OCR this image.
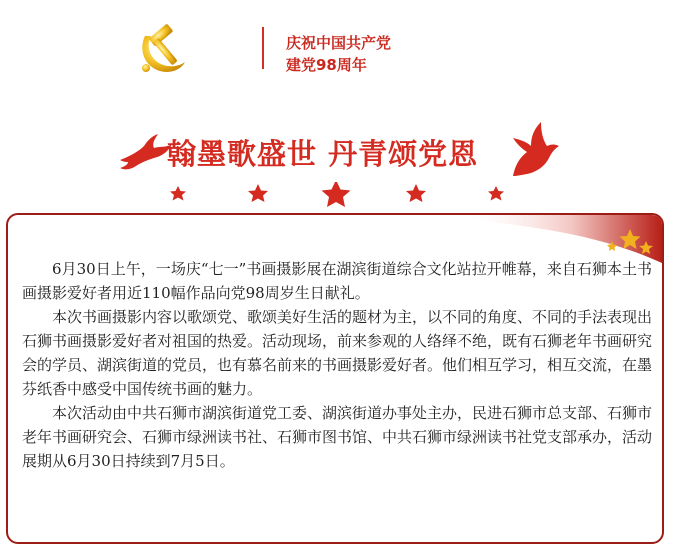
庆祝中国共产党
建党98周年
翰墨歌盛世 丹青颂党恩

6月30日上午，一场庆“七一”书画摄影展在湖滨街道综合文化站拉开帷幕，来自石狮本土书画摄影爱好者用近110幅作品向党98周岁生日献礼。

本次书画摄影内容以歌颂党、歌颂美好生活的题材为主，以不同的角度、不同的手法表现出石狮书画摄影爱好者对祖国的热爱。活动现场，前来参观的人络绎不绝，既有石狮老年书画研究会的学员、湖滨街道的党员，也有慕名前来的书画摄影爱好者。他们相互学习，相互交流，在墨芬纸香中感受中国传统书画的魅力。

本次活动由中共石狮市湖滨街道党工委、湖滨街道办事处主办，民进石狮市总支部、石狮市老年书画研究会、石狮市绿洲读书社、石狮市图书馆、中共石狮市绿洲读书社党支部承办，活动展期从6月30日持续到7月5日。
